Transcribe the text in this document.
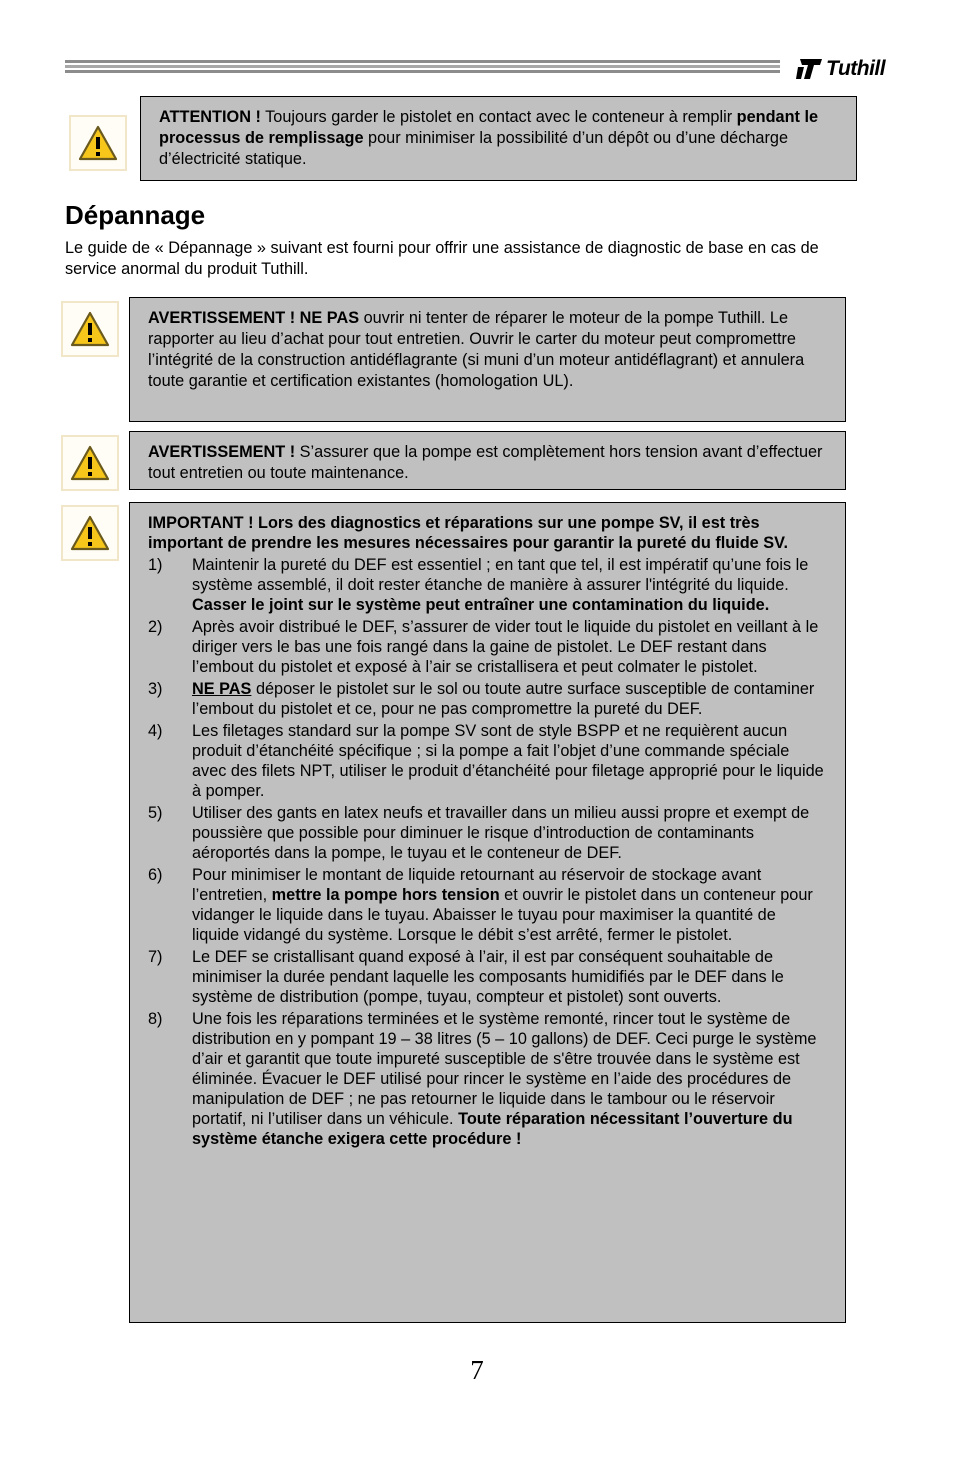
Tuthill

ATTENTION ! Toujours garder le pistolet en contact avec le conteneur à remplir pendant le processus de remplissage pour minimiser la possibilité d’un dépôt ou d’une décharge d’électricité statique.

Dépannage

Le guide de « Dépannage » suivant est fourni pour offrir une assistance de diagnostic de base en cas de service anormal du produit Tuthill.

AVERTISSEMENT ! NE PAS ouvrir ni tenter de réparer le moteur de la pompe Tuthill. Le rapporter au lieu d’achat pour tout entretien. Ouvrir le carter du moteur peut compromettre l’intégrité de la construction antidéflagrante (si muni d’un moteur antidéflagrant) et annulera toute garantie et certification existantes (homologation UL).

AVERTISSEMENT ! S’assurer que la pompe est complètement hors tension avant d’effectuer tout entretien ou toute maintenance.

IMPORTANT ! Lors des diagnostics et réparations sur une pompe SV, il est très important de prendre les mesures nécessaires pour garantir la pureté du fluide SV.

1) Maintenir la pureté du DEF est essentiel ; en tant que tel, il est impératif qu’une fois le système assemblé, il doit rester étanche de manière à assurer l'intégrité du liquide. Casser le joint sur le système peut entraîner une contamination du liquide.
2) Après avoir distribué le DEF, s’assurer de vider tout le liquide du pistolet en veillant à le diriger vers le bas une fois rangé dans la gaine de pistolet. Le DEF restant dans l’embout du pistolet et exposé à l’air se cristallisera et peut colmater le pistolet.
3) NE PAS déposer le pistolet sur le sol ou toute autre surface susceptible de contaminer l’embout du pistolet et ce, pour ne pas compromettre la pureté du DEF.
4) Les filetages standard sur la pompe SV sont de style BSPP et ne requièrent aucun produit d’étanchéité spécifique ; si la pompe a fait l’objet d’une commande spéciale avec des filets NPT, utiliser le produit d’étanchéité pour filetage approprié pour le liquide à pomper.
5) Utiliser des gants en latex neufs et travailler dans un milieu aussi propre et exempt de poussière que possible pour diminuer le risque d’introduction de contaminants aéroportés dans la pompe, le tuyau et le conteneur de DEF.
6) Pour minimiser le montant de liquide retournant au réservoir de stockage avant l’entretien, mettre la pompe hors tension et ouvrir le pistolet dans un conteneur pour vidanger le liquide dans le tuyau. Abaisser le tuyau pour maximiser la quantité de liquide vidangé du système. Lorsque le débit s’est arrêté, fermer le pistolet.
7) Le DEF se cristallisant quand exposé à l’air, il est par conséquent souhaitable de minimiser la durée pendant laquelle les composants humidifiés par le DEF dans le système de distribution (pompe, tuyau, compteur et pistolet) sont ouverts.
8) Une fois les réparations terminées et le système remonté, rincer tout le système de distribution en y pompant 19 – 38 litres (5 – 10 gallons) de DEF. Ceci purge le système d’air et garantit que toute impureté susceptible de s'être trouvée dans le système est éliminée. Évacuer le DEF utilisé pour rincer le système en l’aide des procédures de manipulation de DEF ; ne pas retourner le liquide dans le tambour ou le réservoir portatif, ni l’utiliser dans un véhicule. Toute réparation nécessitant l’ouverture du système étanche exigera cette procédure !
7
